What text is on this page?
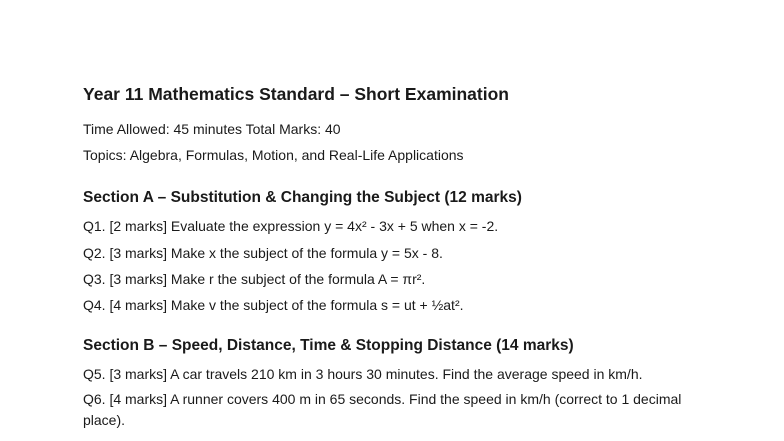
Year 11 Mathematics Standard – Short Examination
Time Allowed: 45 minutes Total Marks: 40
Topics: Algebra, Formulas, Motion, and Real-Life Applications
Section A – Substitution & Changing the Subject (12 marks)
Q1. [2 marks] Evaluate the expression y = 4x² - 3x + 5 when x = -2.
Q2. [3 marks] Make x the subject of the formula y = 5x - 8.
Q3. [3 marks] Make r the subject of the formula A = πr².
Q4. [4 marks] Make v the subject of the formula s = ut + ½at².
Section B – Speed, Distance, Time & Stopping Distance (14 marks)
Q5. [3 marks] A car travels 210 km in 3 hours 30 minutes. Find the average speed in km/h.
Q6. [4 marks] A runner covers 400 m in 65 seconds. Find the speed in km/h (correct to 1 decimal place).
